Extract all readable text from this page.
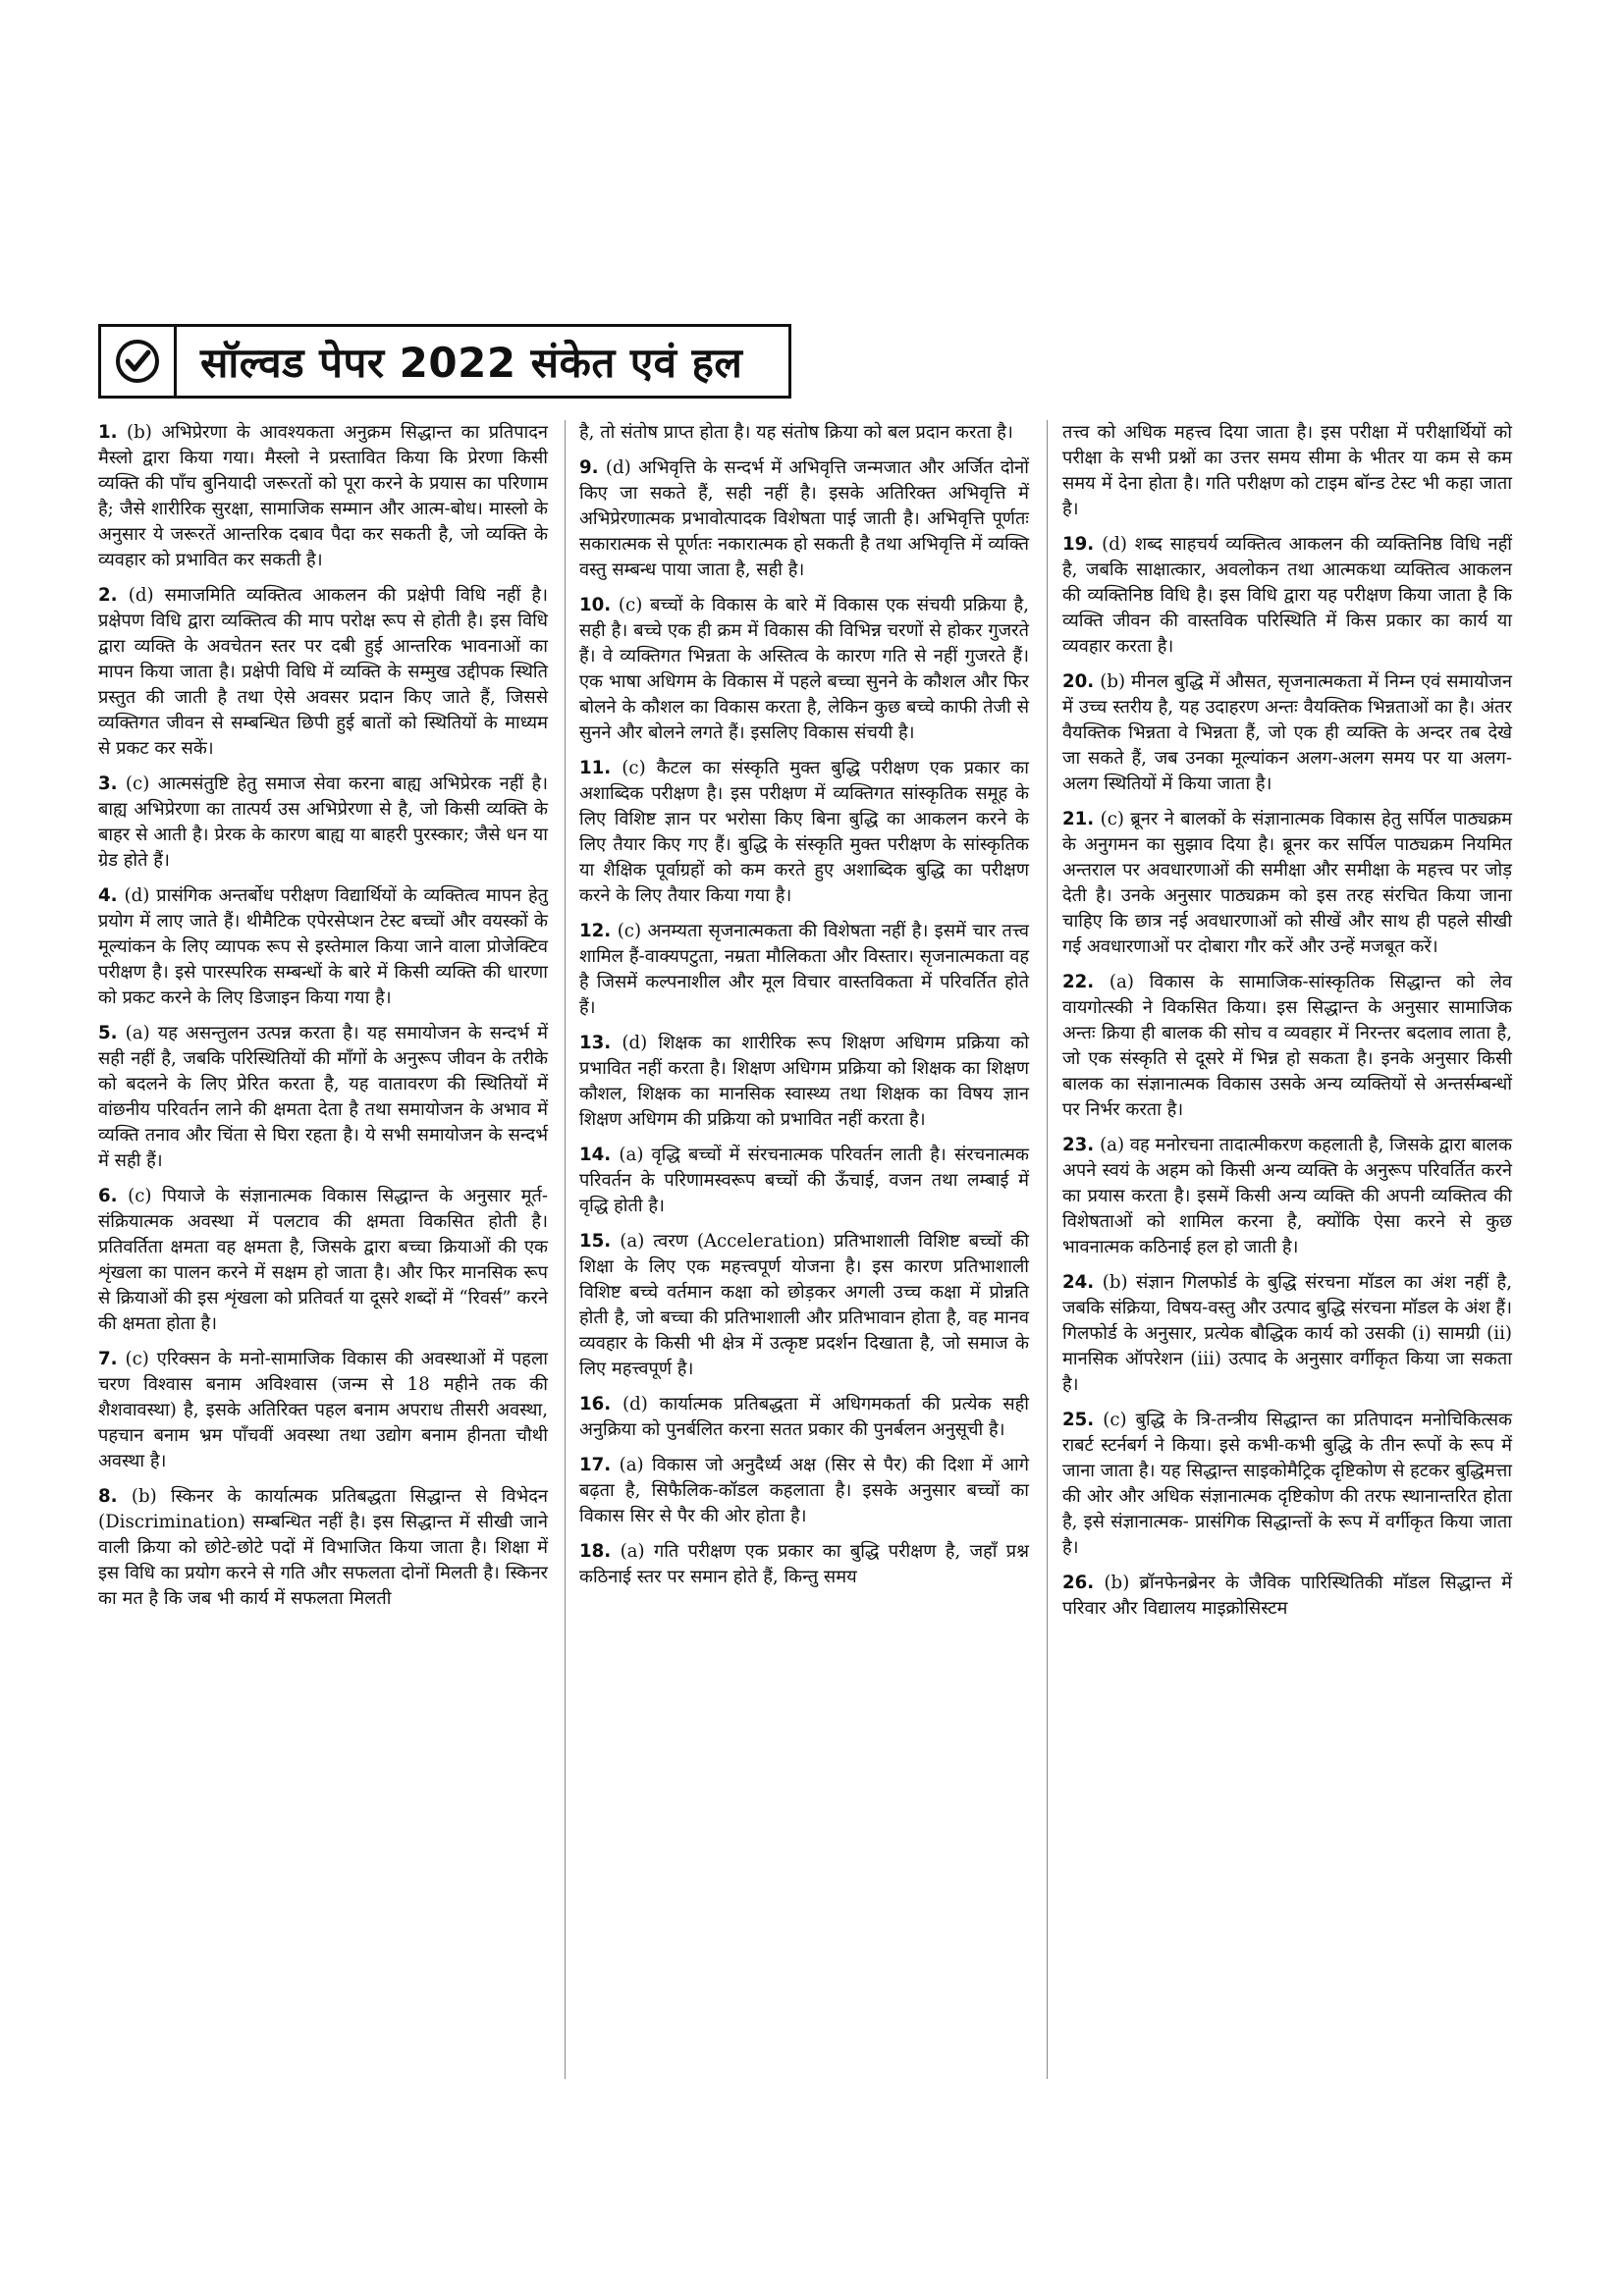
सॉल्वड पेपर 2022 संकेत एवं हल

1. (b) अभिप्रेरणा के आवश्यकता अनुक्रम सिद्धान्त का प्रतिपादन मैस्लो द्वारा किया गया। मैस्लो ने प्रस्तावित किया कि प्रेरणा किसी व्यक्ति की पाँच बुनियादी जरूरतों को पूरा करने के प्रयास का परिणाम है; जैसे शारीरिक सुरक्षा, सामाजिक सम्मान और आत्म-बोध। मास्लो के अनुसार ये जरूरतें आन्तरिक दबाव पैदा कर सकती है, जो व्यक्ति के व्यवहार को प्रभावित कर सकती है।

2. (d) समाजमिति व्यक्तित्व आकलन की प्रक्षेपी विधि नहीं है। प्रक्षेपण विधि द्वारा व्यक्तित्व की माप परोक्ष रूप से होती है। इस विधि द्वारा व्यक्ति के अवचेतन स्तर पर दबी हुई आन्तरिक भावनाओं का मापन किया जाता है। प्रक्षेपी विधि में व्यक्ति के सम्मुख उद्दीपक स्थिति प्रस्तुत की जाती है तथा ऐसे अवसर प्रदान किए जाते हैं, जिससे व्यक्तिगत जीवन से सम्बन्धित छिपी हुई बातों को स्थितियों के माध्यम से प्रकट कर सकें।

3. (c) आत्मसंतुष्टि हेतु समाज सेवा करना बाह्य अभिप्रेरक नहीं है। बाह्य अभिप्रेरणा का तात्पर्य उस अभिप्रेरणा से है, जो किसी व्यक्ति के बाहर से आती है। प्रेरक के कारण बाह्य या बाहरी पुरस्कार; जैसे धन या ग्रेड होते हैं।

4. (d) प्रासंगिक अन्तर्बोध परीक्षण विद्यार्थियों के व्यक्तित्व मापन हेतु प्रयोग में लाए जाते हैं। थीमैटिक एपेरसेप्शन टेस्ट बच्चों और वयस्कों के मूल्यांकन के लिए व्यापक रूप से इस्तेमाल किया जाने वाला प्रोजेक्टिव परीक्षण है। इसे पारस्परिक सम्बन्धों के बारे में किसी व्यक्ति की धारणा को प्रकट करने के लिए डिजाइन किया गया है।

5. (a) यह असन्तुलन उत्पन्न करता है। यह समायोजन के सन्दर्भ में सही नहीं है, जबकि परिस्थितियों की माँगों के अनुरूप जीवन के तरीके को बदलने के लिए प्रेरित करता है, यह वातावरण की स्थितियों में वांछनीय परिवर्तन लाने की क्षमता देता है तथा समायोजन के अभाव में व्यक्ति तनाव और चिंता से घिरा रहता है। ये सभी समायोजन के सन्दर्भ में सही हैं।

6. (c) पियाजे के संज्ञानात्मक विकास सिद्धान्त के अनुसार मूर्त-संक्रियात्मक अवस्था में पलटाव की क्षमता विकसित होती है। प्रतिवर्तिता क्षमता वह क्षमता है, जिसके द्वारा बच्चा क्रियाओं की एक शृंखला का पालन करने में सक्षम हो जाता है। और फिर मानसिक रूप से क्रियाओं की इस शृंखला को प्रतिवर्त या दूसरे शब्दों में “रिवर्स” करने की क्षमता होता है।

7. (c) एरिक्सन के मनो-सामाजिक विकास की अवस्थाओं में पहला चरण विश्वास बनाम अविश्वास (जन्म से 18 महीने तक की शैशवावस्था) है, इसके अतिरिक्त पहल बनाम अपराध तीसरी अवस्था, पहचान बनाम भ्रम पाँचवीं अवस्था तथा उद्योग बनाम हीनता चौथी अवस्था है।

8. (b) स्किनर के कार्यात्मक प्रतिबद्धता सिद्धान्त से विभेदन (Discrimination) सम्बन्धित नहीं है। इस सिद्धान्त में सीखी जाने वाली क्रिया को छोटे-छोटे पदों में विभाजित किया जाता है। शिक्षा में इस विधि का प्रयोग करने से गति और सफलता दोनों मिलती है। स्किनर का मत है कि जब भी कार्य में सफलता मिलती

है, तो संतोष प्राप्त होता है। यह संतोष क्रिया को बल प्रदान करता है।

9. (d) अभिवृत्ति के सन्दर्भ में अभिवृत्ति जन्मजात और अर्जित दोनों किए जा सकते हैं, सही नहीं है। इसके अतिरिक्त अभिवृत्ति में अभिप्रेरणात्मक प्रभावोत्पादक विशेषता पाई जाती है। अभिवृत्ति पूर्णतः सकारात्मक से पूर्णतः नकारात्मक हो सकती है तथा अभिवृत्ति में व्यक्ति वस्तु सम्बन्ध पाया जाता है, सही है।

10. (c) बच्चों के विकास के बारे में विकास एक संचयी प्रक्रिया है, सही है। बच्चे एक ही क्रम में विकास की विभिन्न चरणों से होकर गुजरते हैं। वे व्यक्तिगत भिन्नता के अस्तित्व के कारण गति से नहीं गुजरते हैं। एक भाषा अधिगम के विकास में पहले बच्चा सुनने के कौशल और फिर बोलने के कौशल का विकास करता है, लेकिन कुछ बच्चे काफी तेजी से सुनने और बोलने लगते हैं। इसलिए विकास संचयी है।

11. (c) कैटल का संस्कृति मुक्त बुद्धि परीक्षण एक प्रकार का अशाब्दिक परीक्षण है। इस परीक्षण में व्यक्तिगत सांस्कृतिक समूह के लिए विशिष्ट ज्ञान पर भरोसा किए बिना बुद्धि का आकलन करने के लिए तैयार किए गए हैं। बुद्धि के संस्कृति मुक्त परीक्षण के सांस्कृतिक या शैक्षिक पूर्वाग्रहों को कम करते हुए अशाब्दिक बुद्धि का परीक्षण करने के लिए तैयार किया गया है।

12. (c) अनम्यता सृजनात्मकता की विशेषता नहीं है। इसमें चार तत्त्व शामिल हैं-वाक्यपटुता, नम्रता मौलिकता और विस्तार। सृजनात्मकता वह है जिसमें कल्पनाशील और मूल विचार वास्तविकता में परिवर्तित होते हैं।

13. (d) शिक्षक का शारीरिक रूप शिक्षण अधिगम प्रक्रिया को प्रभावित नहीं करता है। शिक्षण अधिगम प्रक्रिया को शिक्षक का शिक्षण कौशल, शिक्षक का मानसिक स्वास्थ्य तथा शिक्षक का विषय ज्ञान शिक्षण अधिगम की प्रक्रिया को प्रभावित नहीं करता है।

14. (a) वृद्धि बच्चों में संरचनात्मक परिवर्तन लाती है। संरचनात्मक परिवर्तन के परिणामस्वरूप बच्चों की ऊँचाई, वजन तथा लम्बाई में वृद्धि होती है।

15. (a) त्वरण (Acceleration) प्रतिभाशाली विशिष्ट बच्चों की शिक्षा के लिए एक महत्त्वपूर्ण योजना है। इस कारण प्रतिभाशाली विशिष्ट बच्चे वर्तमान कक्षा को छोड़कर अगली उच्च कक्षा में प्रोन्नति होती है, जो बच्चा की प्रतिभाशाली और प्रतिभावान होता है, वह मानव व्यवहार के किसी भी क्षेत्र में उत्कृष्ट प्रदर्शन दिखाता है, जो समाज के लिए महत्त्वपूर्ण है।

16. (d) कार्यात्मक प्रतिबद्धता में अधिगमकर्ता की प्रत्येक सही अनुक्रिया को पुनर्बलित करना सतत प्रकार की पुनर्बलन अनुसूची है।

17. (a) विकास जो अनुदैर्ध्य अक्ष (सिर से पैर) की दिशा में आगे बढ़ता है, सिफैलिक-कॉडल कहलाता है। इसके अनुसार बच्चों का विकास सिर से पैर की ओर होता है।

18. (a) गति परीक्षण एक प्रकार का बुद्धि परीक्षण है, जहाँ प्रश्न कठिनाई स्तर पर समान होते हैं, किन्तु समय

तत्त्व को अधिक महत्त्व दिया जाता है। इस परीक्षा में परीक्षार्थियों को परीक्षा के सभी प्रश्नों का उत्तर समय सीमा के भीतर या कम से कम समय में देना होता है। गति परीक्षण को टाइम बॉन्ड टेस्ट भी कहा जाता है।

19. (d) शब्द साहचर्य व्यक्तित्व आकलन की व्यक्तिनिष्ठ विधि नहीं है, जबकि साक्षात्कार, अवलोकन तथा आत्मकथा व्यक्तित्व आकलन की व्यक्तिनिष्ठ विधि है। इस विधि द्वारा यह परीक्षण किया जाता है कि व्यक्ति जीवन की वास्तविक परिस्थिति में किस प्रकार का कार्य या व्यवहार करता है।

20. (b) मीनल बुद्धि में औसत, सृजनात्मकता में निम्न एवं समायोजन में उच्च स्तरीय है, यह उदाहरण अन्तः वैयक्तिक भिन्नताओं का है। अंतर वैयक्तिक भिन्नता वे भिन्नता हैं, जो एक ही व्यक्ति के अन्दर तब देखे जा सकते हैं, जब उनका मूल्यांकन अलग-अलग समय पर या अलग-अलग स्थितियों में किया जाता है।

21. (c) ब्रूनर ने बालकों के संज्ञानात्मक विकास हेतु सर्पिल पाठ्यक्रम के अनुगमन का सुझाव दिया है। ब्रूनर कर सर्पिल पाठ्यक्रम नियमित अन्तराल पर अवधारणाओं की समीक्षा और समीक्षा के महत्त्व पर जोड़ देती है। उनके अनुसार पाठ्यक्रम को इस तरह संरचित किया जाना चाहिए कि छात्र नई अवधारणाओं को सीखें और साथ ही पहले सीखी गई अवधारणाओं पर दोबारा गौर करें और उन्हें मजबूत करें।

22. (a) विकास के सामाजिक-सांस्कृतिक सिद्धान्त को लेव वायगोत्स्की ने विकसित किया। इस सिद्धान्त के अनुसार सामाजिक अन्तः क्रिया ही बालक की सोच व व्यवहार में निरन्तर बदलाव लाता है, जो एक संस्कृति से दूसरे में भिन्न हो सकता है। इनके अनुसार किसी बालक का संज्ञानात्मक विकास उसके अन्य व्यक्तियों से अन्तर्सम्बन्धों पर निर्भर करता है।

23. (a) वह मनोरचना तादात्मीकरण कहलाती है, जिसके द्वारा बालक अपने स्वयं के अहम को किसी अन्य व्यक्ति के अनुरूप परिवर्तित करने का प्रयास करता है। इसमें किसी अन्य व्यक्ति की अपनी व्यक्तित्व की विशेषताओं को शामिल करना है, क्योंकि ऐसा करने से कुछ भावनात्मक कठिनाई हल हो जाती है।

24. (b) संज्ञान गिलफोर्ड के बुद्धि संरचना मॉडल का अंश नहीं है, जबकि संक्रिया, विषय-वस्तु और उत्पाद बुद्धि संरचना मॉडल के अंश हैं। गिलफोर्ड के अनुसार, प्रत्येक बौद्धिक कार्य को उसकी (i) सामग्री (ii) मानसिक ऑपरेशन (iii) उत्पाद के अनुसार वर्गीकृत किया जा सकता है।

25. (c) बुद्धि के त्रि-तन्त्रीय सिद्धान्त का प्रतिपादन मनोचिकित्सक राबर्ट स्टर्नबर्ग ने किया। इसे कभी-कभी बुद्धि के तीन रूपों के रूप में जाना जाता है। यह सिद्धान्त साइकोमैट्रिक दृष्टिकोण से हटकर बुद्धिमत्ता की ओर और अधिक संज्ञानात्मक दृष्टिकोण की तरफ स्थानान्तरित होता है, इसे संज्ञानात्मक- प्रासंगिक सिद्धान्तों के रूप में वर्गीकृत किया जाता है।

26. (b) ब्रॉनफेनब्रेनर के जैविक पारिस्थितिकी मॉडल सिद्धान्त में परिवार और विद्यालय माइक्रोसिस्टम
